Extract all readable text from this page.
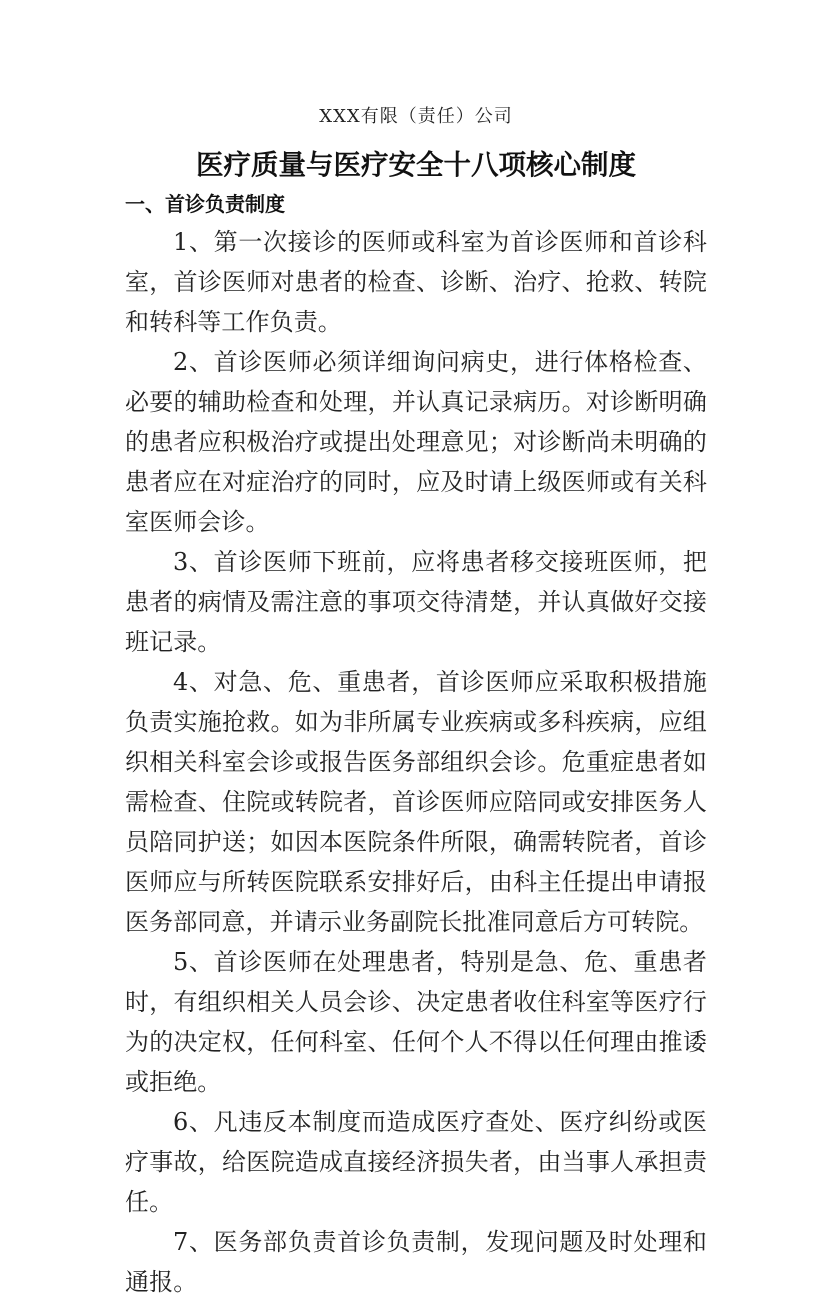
XXX有限（责任）公司
医疗质量与医疗安全十八项核心制度
一、首诊负责制度

1、第一次接诊的医师或科室为首诊医师和首诊科室，首诊医师对患者的检查、诊断、治疗、抢救、转院和转科等工作负责。

2、首诊医师必须详细询问病史，进行体格检查、必要的辅助检查和处理，并认真记录病历。对诊断明确的患者应积极治疗或提出处理意见；对诊断尚未明确的患者应在对症治疗的同时，应及时请上级医师或有关科室医师会诊。

3、首诊医师下班前，应将患者移交接班医师，把患者的病情及需注意的事项交待清楚，并认真做好交接班记录。

4、对急、危、重患者，首诊医师应采取积极措施负责实施抢救。如为非所属专业疾病或多科疾病，应组织相关科室会诊或报告医务部组织会诊。危重症患者如需检查、住院或转院者，首诊医师应陪同或安排医务人员陪同护送；如因本医院条件所限，确需转院者，首诊医师应与所转医院联系安排好后，由科主任提出申请报医务部同意，并请示业务副院长批准同意后方可转院。

5、首诊医师在处理患者，特别是急、危、重患者时，有组织相关人员会诊、决定患者收住科室等医疗行为的决定权，任何科室、任何个人不得以任何理由推诿或拒绝。

6、凡违反本制度而造成医疗查处、医疗纠纷或医疗事故，给医院造成直接经济损失者，由当事人承担责任。

7、医务部负责首诊负责制，发现问题及时处理和通报。
